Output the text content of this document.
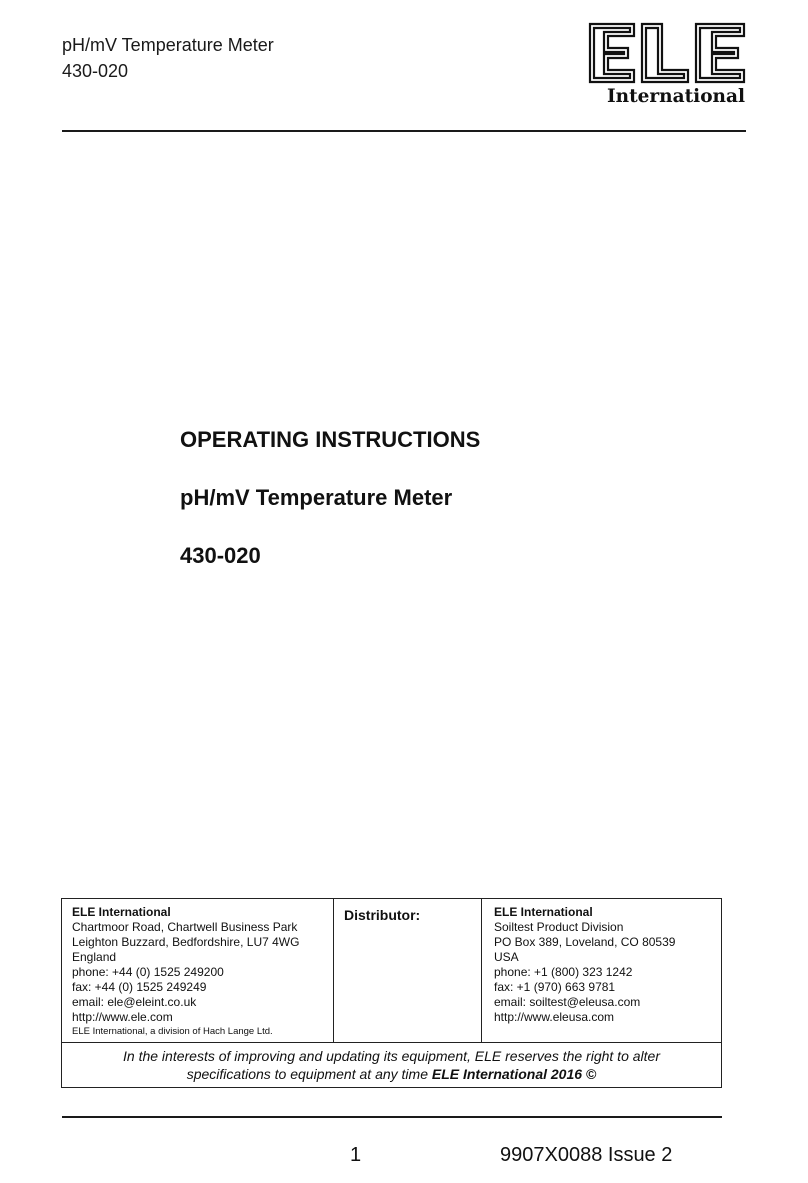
pH/mV Temperature Meter
430-020
International
OPERATING INSTRUCTIONS
pH/mV Temperature Meter
430-020
ELE International
Chartmoor Road, Chartwell Business Park
Leighton Buzzard, Bedfordshire, LU7 4WG
England
phone: +44 (0) 1525 249200
fax: +44 (0) 1525 249249
email: ele@eleint.co.uk
http://www.ele.com
ELE International, a division of Hach Lange Ltd.
Distributor:	ELE International
Soiltest Product Division
PO Box 389, Loveland, CO 80539
USA
phone: +1 (800) 323 1242
fax: +1 (970) 663 9781
email: soiltest@eleusa.com
http://www.eleusa.com
In the interests of improving and updating its equipment, ELE reserves the right to alter
specifications to equipment at any time ELE International 2016 ©
1	9907X0088 Issue 2
